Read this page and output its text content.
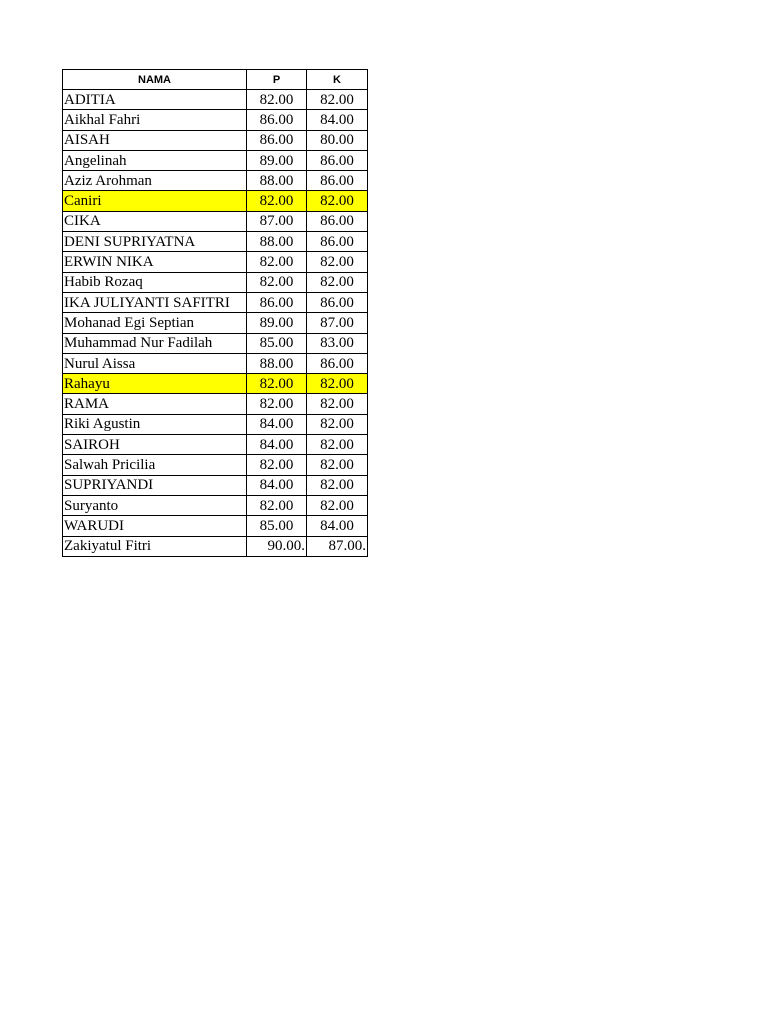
NAMA	P	K
ADITIA	82.00	82.00
Aikhal Fahri	86.00	84.00
AISAH	86.00	80.00
Angelinah	89.00	86.00
Aziz Arohman	88.00	86.00
Caniri	82.00	82.00
CIKA	87.00	86.00
DENI SUPRIYATNA	88.00	86.00
ERWIN NIKA	82.00	82.00
Habib Rozaq	82.00	82.00
IKA JULIYANTI SAFITRI	86.00	86.00
Mohanad Egi Septian	89.00	87.00
Muhammad Nur Fadilah	85.00	83.00
Nurul Aissa	88.00	86.00
Rahayu	82.00	82.00
RAMA	82.00	82.00
Riki Agustin	84.00	82.00
SAIROH	84.00	82.00
Salwah Pricilia	82.00	82.00
SUPRIYANDI	84.00	82.00
Suryanto	82.00	82.00
WARUDI	85.00	84.00
Zakiyatul Fitri	90.00.	87.00.
